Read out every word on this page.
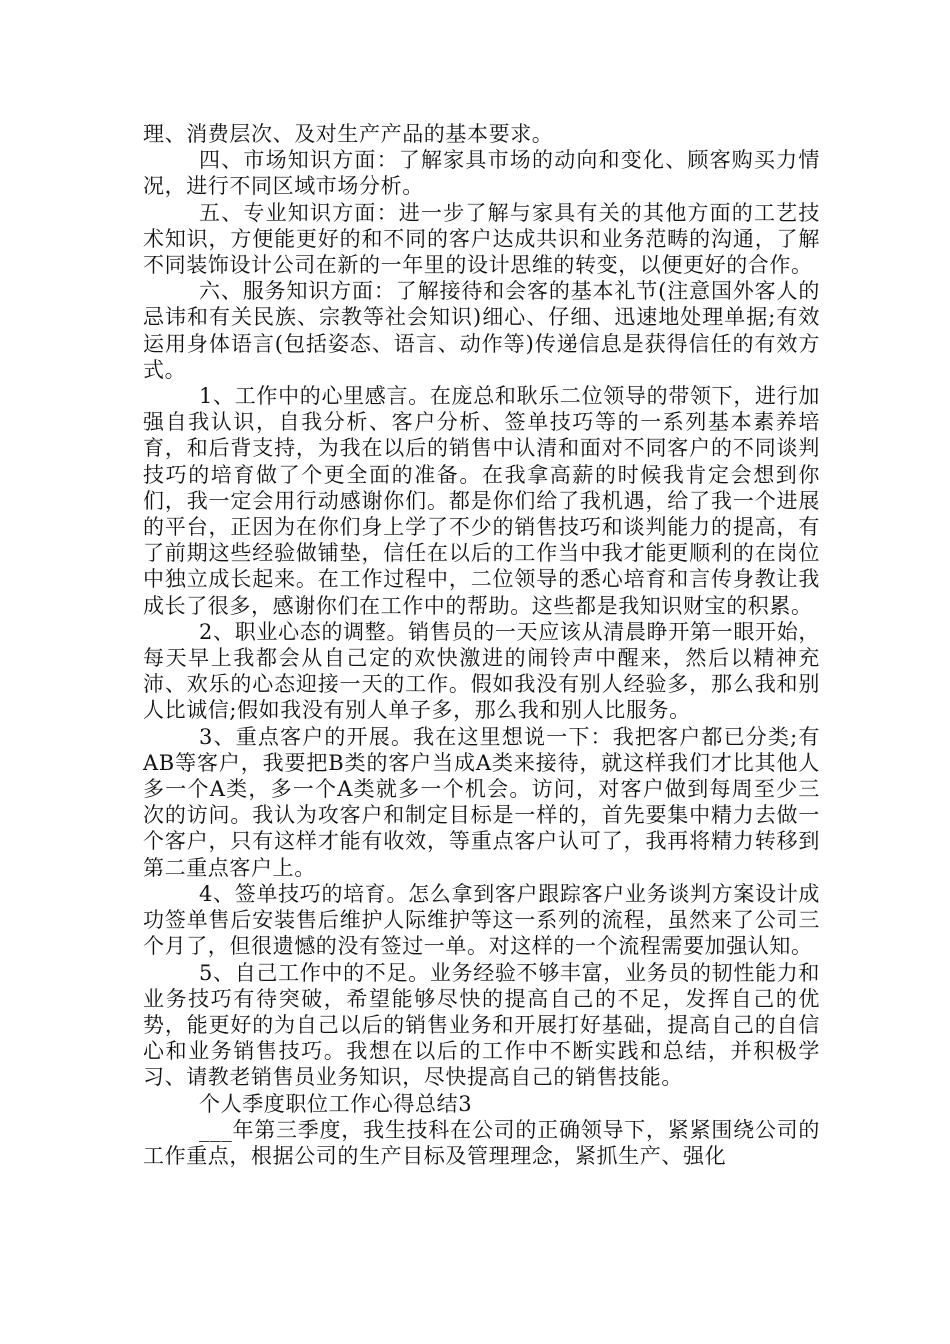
理、消费层次、及对生产产品的基本要求。

四、市场知识方面：了解家具市场的动向和变化、顾客购买力情况，进行不同区域市场分析。

五、专业知识方面：进一步了解与家具有关的其他方面的工艺技术知识，方便能更好的和不同的客户达成共识和业务范畴的沟通，了解不同装饰设计公司在新的一年里的设计思维的转变，以便更好的合作。

六、服务知识方面：了解接待和会客的基本礼节(注意国外客人的忌讳和有关民族、宗教等社会知识)细心、仔细、迅速地处理单据;有效运用身体语言(包括姿态、语言、动作等)传递信息是获得信任的有效方式。

1、工作中的心里感言。在庞总和耿乐二位领导的带领下，进行加强自我认识，自我分析、客户分析、签单技巧等的一系列基本素养培育，和后背支持，为我在以后的销售中认清和面对不同客户的不同谈判技巧的培育做了个更全面的准备。在我拿高薪的时候我肯定会想到你们，我一定会用行动感谢你们。都是你们给了我机遇，给了我一个进展的平台，正因为在你们身上学了不少的销售技巧和谈判能力的提高，有了前期这些经验做铺垫，信任在以后的工作当中我才能更顺利的在岗位中独立成长起来。在工作过程中，二位领导的悉心培育和言传身教让我成长了很多，感谢你们在工作中的帮助。这些都是我知识财宝的积累。

2、职业心态的调整。销售员的一天应该从清晨睁开第一眼开始，每天早上我都会从自己定的欢快激进的闹铃声中醒来，然后以精神充沛、欢乐的心态迎接一天的工作。假如我没有别人经验多，那么我和别人比诚信;假如我没有别人单子多，那么我和别人比服务。

3、重点客户的开展。我在这里想说一下：我把客户都已分类;有AB等客户，我要把B类的客户当成A类来接待，就这样我们才比其他人多一个A类，多一个A类就多一个机会。访问，对客户做到每周至少三次的访问。我认为攻客户和制定目标是一样的，首先要集中精力去做一个客户，只有这样才能有收效，等重点客户认可了，我再将精力转移到第二重点客户上。

4、签单技巧的培育。怎么拿到客户跟踪客户业务谈判方案设计成功签单售后安装售后维护人际维护等这一系列的流程，虽然来了公司三个月了，但很遗憾的没有签过一单。对这样的一个流程需要加强认知。

5、自己工作中的不足。业务经验不够丰富，业务员的韧性能力和业务技巧有待突破，希望能够尽快的提高自己的不足，发挥自己的优势，能更好的为自己以后的销售业务和开展打好基础，提高自己的自信心和业务销售技巧。我想在以后的工作中不断实践和总结，并积极学习、请教老销售员业务知识，尽快提高自己的销售技能。

个人季度职位工作心得总结3

___年第三季度，我生技科在公司的正确领导下，紧紧围绕公司的工作重点，根据公司的生产目标及管理理念，紧抓生产、强化
